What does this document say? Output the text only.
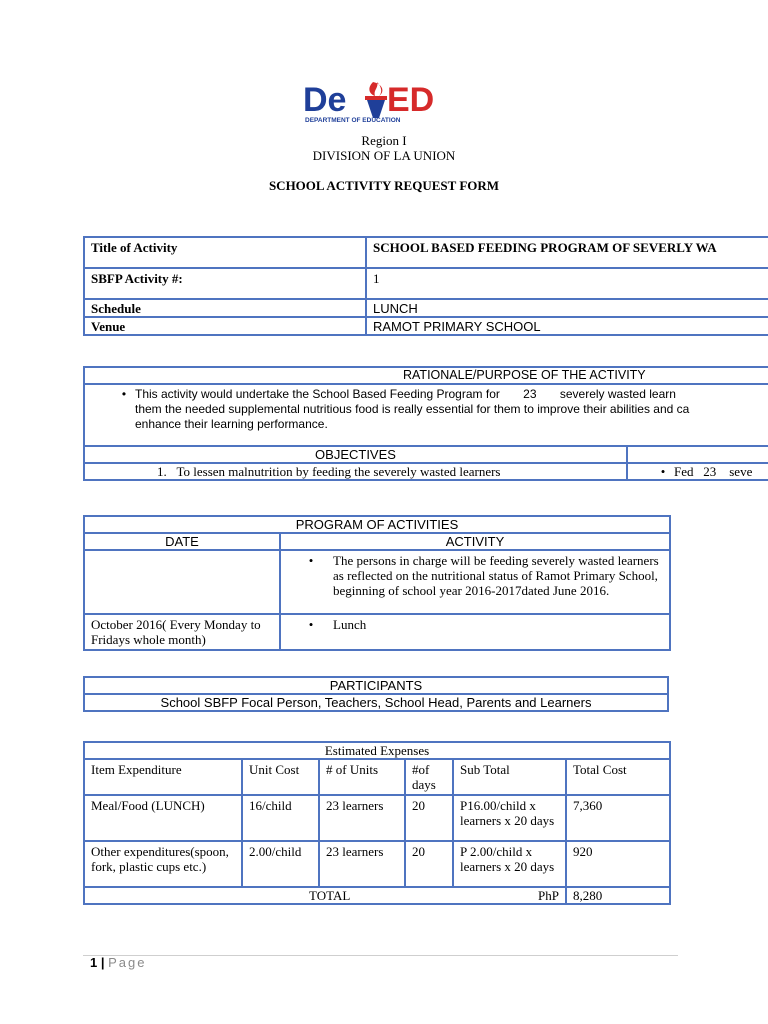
De ED
DEPARTMENT OF EDUCATION
Region I
DIVISION OF LA UNION
SCHOOL ACTIVITY REQUEST FORM
Title of Activity	SCHOOL BASED FEEDING PROGRAM OF SEVERLY WA
SBFP Activity #:	1
Schedule	LUNCH
Venue	RAMOT PRIMARY SCHOOL
RATIONALE/PURPOSE OF THE ACTIVITY	

• This activity would undertake the School Based Feeding Program for 23 severely wasted learn
them the needed supplemental nutritious food is really essential for them to improve their abilities and ca
enhance their learning performance.	

OBJECTIVES	
1. To lessen malnutrition by feeding the severely wasted learners	• Fed 23 seve
PROGRAM OF ACTIVITIES	
DATE	ACTIVITY

	• The persons in charge will be feeding severely wasted learners as reflected on the nutritional status of Ramot Primary School, beginning of school year 2016-2017dated June 2016.

October 2016( Every Monday to Fridays whole month)	• Lunch
PARTICIPANTS
School SBFP Focal Person, Teachers, School Head, Parents and Learners
Estimated Expenses					
Item Expenditure	Unit Cost	# of Units	#of days	Sub Total	Total Cost
Meal/Food (LUNCH)	16/child	23 learners	20	P16.00/child x learners x 20 days	7,360
Other expenditures(spoon, fork, plastic cups etc.)	2.00/child	23 learners	20	P 2.00/child x learners x 20 days	920

TOTAL PhP					8,280
1 | Page
